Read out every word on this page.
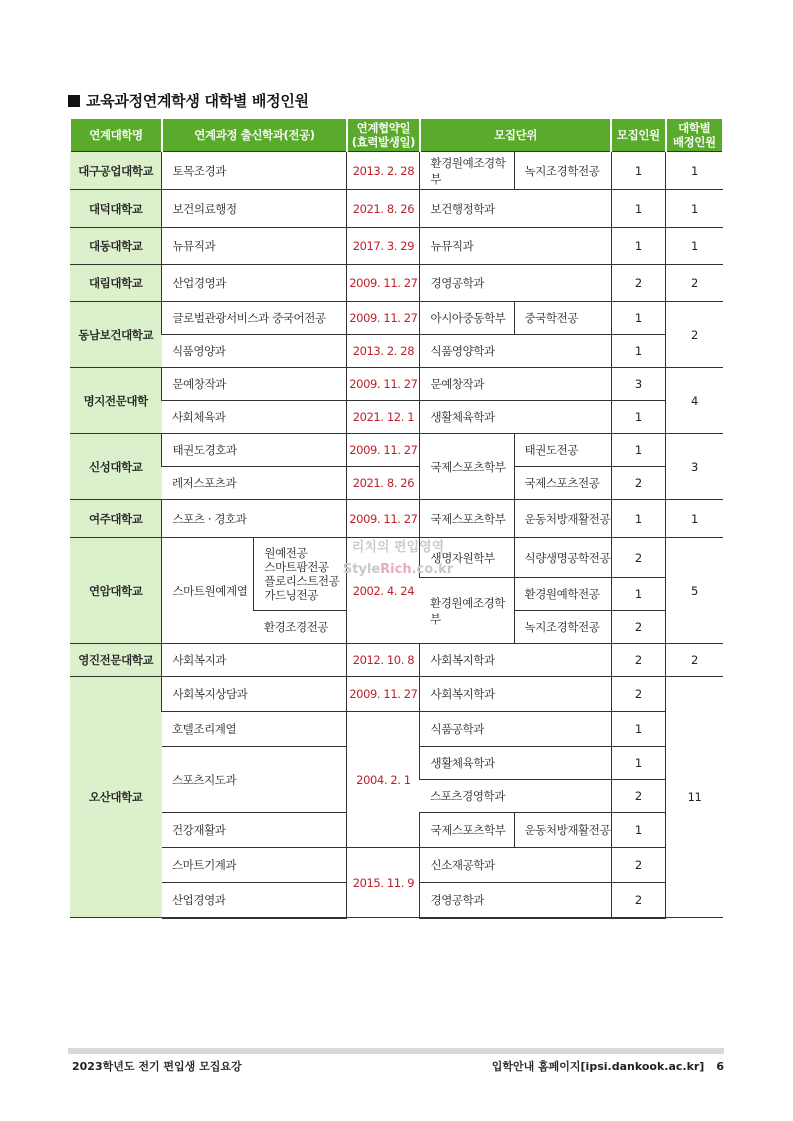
교육과정연계학생 대학별 배정인원
연계대학명	연계과정 출신학과(전공)		연계협약일
(효력발생일)	모집단위		모집인원	대학별
배정인원
대구공업대학교	토목조경과		2013. 2. 28	환경원예조경학부	녹지조경학전공	1	1
대덕대학교	보건의료행정		2021. 8. 26	보건행정학과		1	1
대동대학교	뉴뮤직과		2017. 3. 29	뉴뮤직과		1	1
대림대학교	산업경영과		2009. 11. 27	경영공학과		2	2
동남보건대학교	글로벌관광서비스과 중국어전공		2009. 11. 27	아시아중동학부	중국학전공	1	2
	식품영양과		2013. 2. 28	식품영양학과		1	
명지전문대학	문예창작과		2009. 11. 27	문예창작과		3	4
	사회체육과		2021. 12. 1	생활체육학과		1	
신성대학교	태권도경호과		2009. 11. 27	국제스포츠학부	태권도전공	1	3
	레저스포츠과		2021. 8. 26		국제스포츠전공	2	
여주대학교	스포츠 · 경호과		2009. 11. 27	국제스포츠학부	운동처방재활전공	1	1
연암대학교	스마트원예계열	원예전공
스마트팜전공
플로리스트전공
가드닝전공	2002. 4. 24	생명자원학부	식량생명공학전공	2	5
				환경원예조경학부	환경원예학전공	1	
		환경조경전공			녹지조경학전공	2	
영진전문대학교	사회복지과		2012. 10. 8	사회복지학과		2	2
오산대학교	사회복지상담과		2009. 11. 27	사회복지학과		2	11
	호텔조리계열		2004. 2. 1	식품공학과		1	
	스포츠지도과			생활체육학과		1	
				스포츠경영학과		2	
	건강재활과			국제스포츠학부	운동처방재활전공	1	
	스마트기계과		2015. 11. 9	신소재공학과		2	
	산업경영과			경영공학과		2	
리치의 편입영역
StyleRich.co.kr
2023학년도 전기 편입생 모집요강	입학안내 홈페이지[ipsi.dankook.ac.kr] 6
